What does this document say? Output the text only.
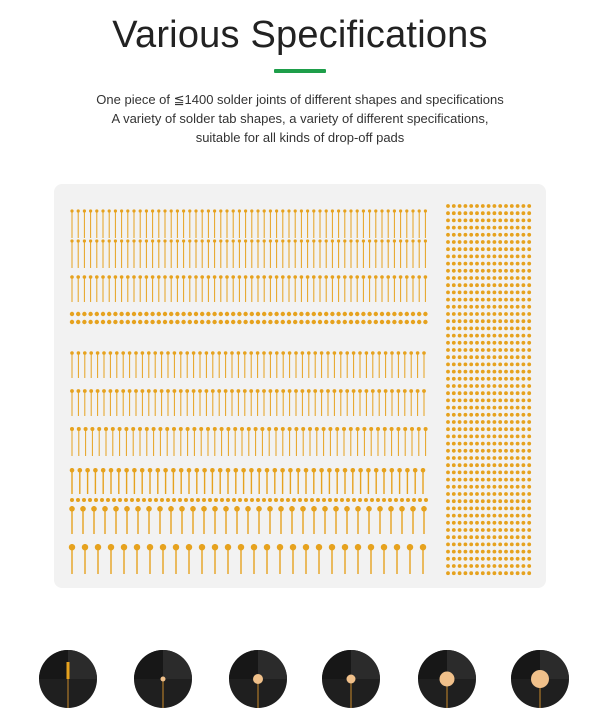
Various Specifications
One piece of ≦1400 solder joints of different shapes and specifications
A variety of solder tab shapes, a variety of different specifications,
suitable for all kinds of drop-off pads
